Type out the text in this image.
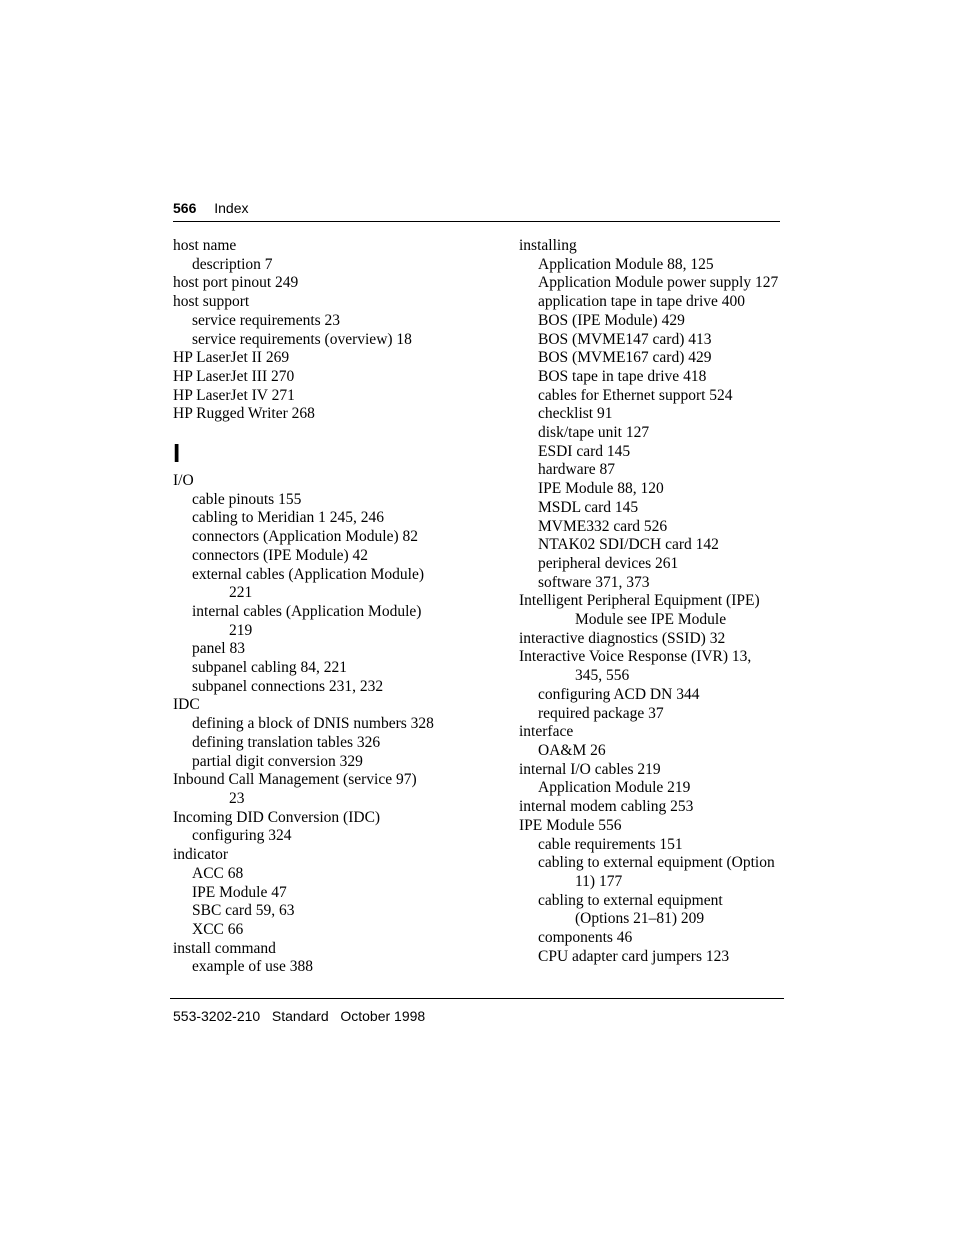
566 Index
host name
description 7
host port pinout 249
host support
service requirements 23
service requirements (overview) 18
HP LaserJet II 269
HP LaserJet III 270
HP LaserJet IV 271
HP Rugged Writer 268
I
I/O
cable pinouts 155
cabling to Meridian 1 245, 246
connectors (Application Module) 82
connectors (IPE Module) 42
external cables (Application Module)
221
internal cables (Application Module)
219
panel 83
subpanel cabling 84, 221
subpanel connections 231, 232
IDC
defining a block of DNIS numbers 328
defining translation tables 326
partial digit conversion 329
Inbound Call Management (service 97)
23
Incoming DID Conversion (IDC)
configuring 324
indicator
ACC 68
IPE Module 47
SBC card 59, 63
XCC 66
install command
example of use 388
installing
Application Module 88, 125
Application Module power supply 127
application tape in tape drive 400
BOS (IPE Module) 429
BOS (MVME147 card) 413
BOS (MVME167 card) 429
BOS tape in tape drive 418
cables for Ethernet support 524
checklist 91
disk/tape unit 127
ESDI card 145
hardware 87
IPE Module 88, 120
MSDL card 145
MVME332 card 526
NTAK02 SDI/DCH card 142
peripheral devices 261
software 371, 373
Intelligent Peripheral Equipment (IPE)
Module see IPE Module
interactive diagnostics (SSID) 32
Interactive Voice Response (IVR) 13,
345, 556
configuring ACD DN 344
required package 37
interface
OA&M 26
internal I/O cables 219
Application Module 219
internal modem cabling 253
IPE Module 556
cable requirements 151
cabling to external equipment (Option
11) 177
cabling to external equipment
(Options 21–81) 209
components 46
CPU adapter card jumpers 123
553-3202-210   Standard   October 1998
